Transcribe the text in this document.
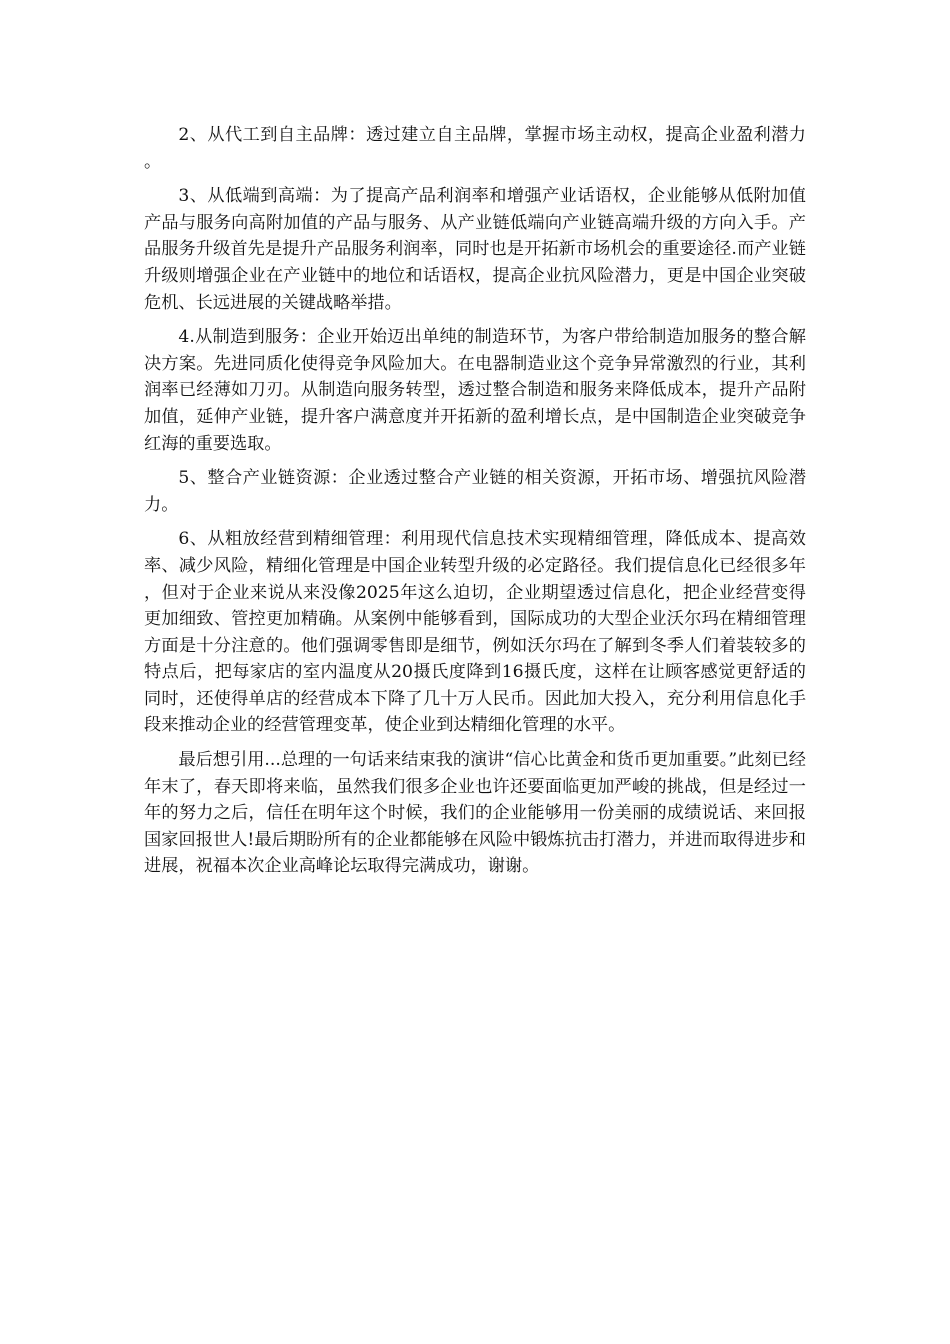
2、从代工到自主品牌：透过建立自主品牌，掌握市场主动权，提高企业盈利潜力。

3、从低端到高端：为了提高产品利润率和增强产业话语权，企业能够从低附加值产品与服务向高附加值的产品与服务、从产业链低端向产业链高端升级的方向入手。产品服务升级首先是提升产品服务利润率，同时也是开拓新市场机会的重要途径.而产业链升级则增强企业在产业链中的地位和话语权，提高企业抗风险潜力，更是中国企业突破危机、长远进展的关键战略举措。

4.从制造到服务：企业开始迈出单纯的制造环节，为客户带给制造加服务的整合解决方案。先进同质化使得竞争风险加大。在电器制造业这个竞争异常激烈的行业，其利润率已经薄如刀刃。从制造向服务转型，透过整合制造和服务来降低成本，提升产品附加值，延伸产业链，提升客户满意度并开拓新的盈利增长点，是中国制造企业突破竞争红海的重要选取。

5、整合产业链资源：企业透过整合产业链的相关资源，开拓市场、增强抗风险潜力。

6、从粗放经营到精细管理：利用现代信息技术实现精细管理，降低成本、提高效率、减少风险，精细化管理是中国企业转型升级的必定路径。我们提信息化已经很多年，但对于企业来说从来没像2025年这么迫切，企业期望透过信息化，把企业经营变得更加细致、管控更加精确。从案例中能够看到，国际成功的大型企业沃尔玛在精细管理方面是十分注意的。他们强调零售即是细节，例如沃尔玛在了解到冬季人们着装较多的特点后，把每家店的室内温度从20摄氏度降到16摄氏度，这样在让顾客感觉更舒适的同时，还使得单店的经营成本下降了几十万人民币。因此加大投入，充分利用信息化手段来推动企业的经营管理变革，使企业到达精细化管理的水平。

最后想引用...总理的一句话来结束我的演讲“信心比黄金和货币更加重要。”此刻已经年末了，春天即将来临，虽然我们很多企业也许还要面临更加严峻的挑战，但是经过一年的努力之后，信任在明年这个时候，我们的企业能够用一份美丽的成绩说话、来回报国家回报世人!最后期盼所有的企业都能够在风险中锻炼抗击打潜力，并进而取得进步和进展，祝福本次企业高峰论坛取得完满成功，谢谢。
